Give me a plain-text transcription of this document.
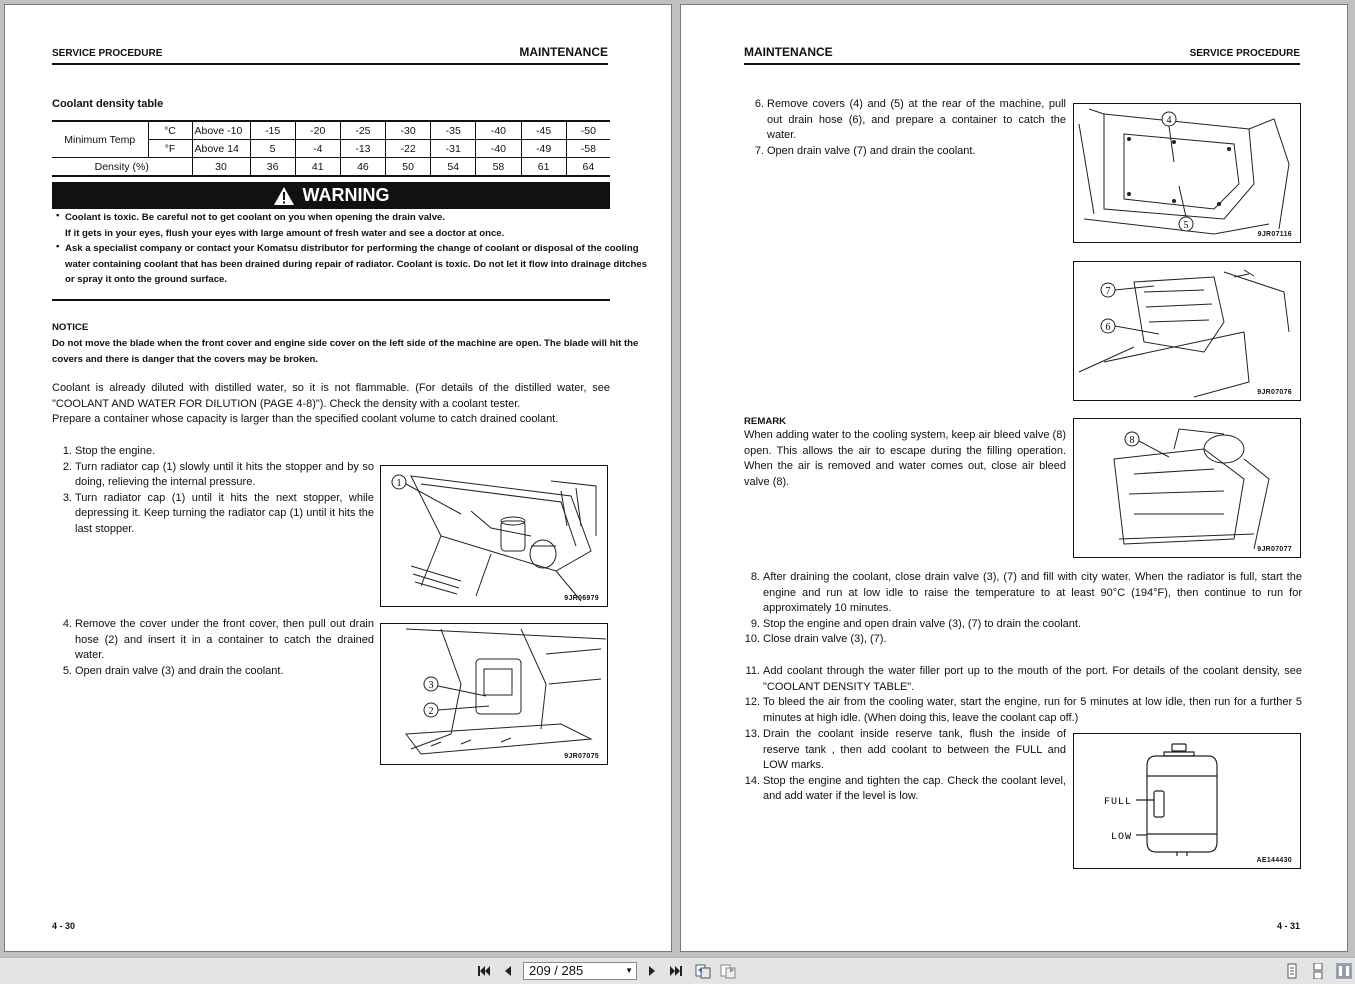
SERVICE PROCEDURE	MAINTENANCE
Coolant density table
Minimum Temp	°C	Above -10	-15	-20	-25	-30	-35	-40	-45	-50
	°F	Above 14	5	-4	-13	-22	-31	-40	-49	-58
Density (%)		30	36	41	46	50	54	58	61	64
WARNING
• Coolant is toxic. Be careful not to get coolant on you when opening the drain valve.
If it gets in your eyes, flush your eyes with large amount of fresh water and see a doctor at once.
• Ask a specialist company or contact your Komatsu distributor for performing the change of coolant or disposal of the cooling
water containing coolant that has been drained during repair of radiator. Coolant is toxic. Do not let it flow into drainage ditches
or spray it onto the ground surface.
NOTICE
Do not move the blade when the front cover and engine side cover on the left side of the machine are open. The blade will hit the
covers and there is danger that the covers may be broken.
Coolant is already diluted with distilled water, so it is not flammable. (For details of the distilled water, see
"COOLANT AND WATER FOR DILUTION (PAGE 4-8)"). Check the density with a coolant tester.
Prepare a container whose capacity is larger than the specified coolant volume to catch drained coolant.
1. Stop the engine.
2. Turn radiator cap (1) slowly until it hits the stopper and by so doing, relieving the internal pressure.
3. Turn radiator cap (1) until it hits the next stopper, while depressing it. Keep turning the radiator cap (1) until it hits the last stopper.
1
9JR06979
4. Remove the cover under the front cover, then pull out drain hose (2) and insert it in a container to catch the drained water.
5. Open drain valve (3) and drain the coolant.
3
2
9JR07075
4 - 30
MAINTENANCE	SERVICE PROCEDURE
6. Remove covers (4) and (5) at the rear of the machine, pull out drain hose (6), and prepare a container to catch the water.
7. Open drain valve (7) and drain the coolant.
4
5
9JR07116
7
6
9JR07076
REMARK
When adding water to the cooling system, keep air bleed valve (8) open. This allows the air to escape during the filling operation. When the air is removed and water comes out, close air bleed valve (8).
8
9JR07077
8. After draining the coolant, close drain valve (3), (7) and fill with city water. When the radiator is full, start the engine and run at low idle to raise the temperature to at least 90°C (194°F), then continue to run for approximately 10 minutes.
9. Stop the engine and open drain valve (3), (7) to drain the coolant.
10. Close drain valve (3), (7).
11. Add coolant through the water filler port up to the mouth of the port. For details of the coolant density, see "COOLANT DENSITY TABLE".
12. To bleed the air from the cooling water, start the engine, run for 5 minutes at low idle, then run for a further 5 minutes at high idle. (When doing this, leave the coolant cap off.)
13. Drain the coolant inside reserve tank, flush the inside of reserve tank , then add coolant to between the FULL and LOW marks.
14. Stop the engine and tighten the cap. Check the coolant level, and add water if the level is low.
FULL
LOW
AE144430
4 - 31
209 / 285	▼
